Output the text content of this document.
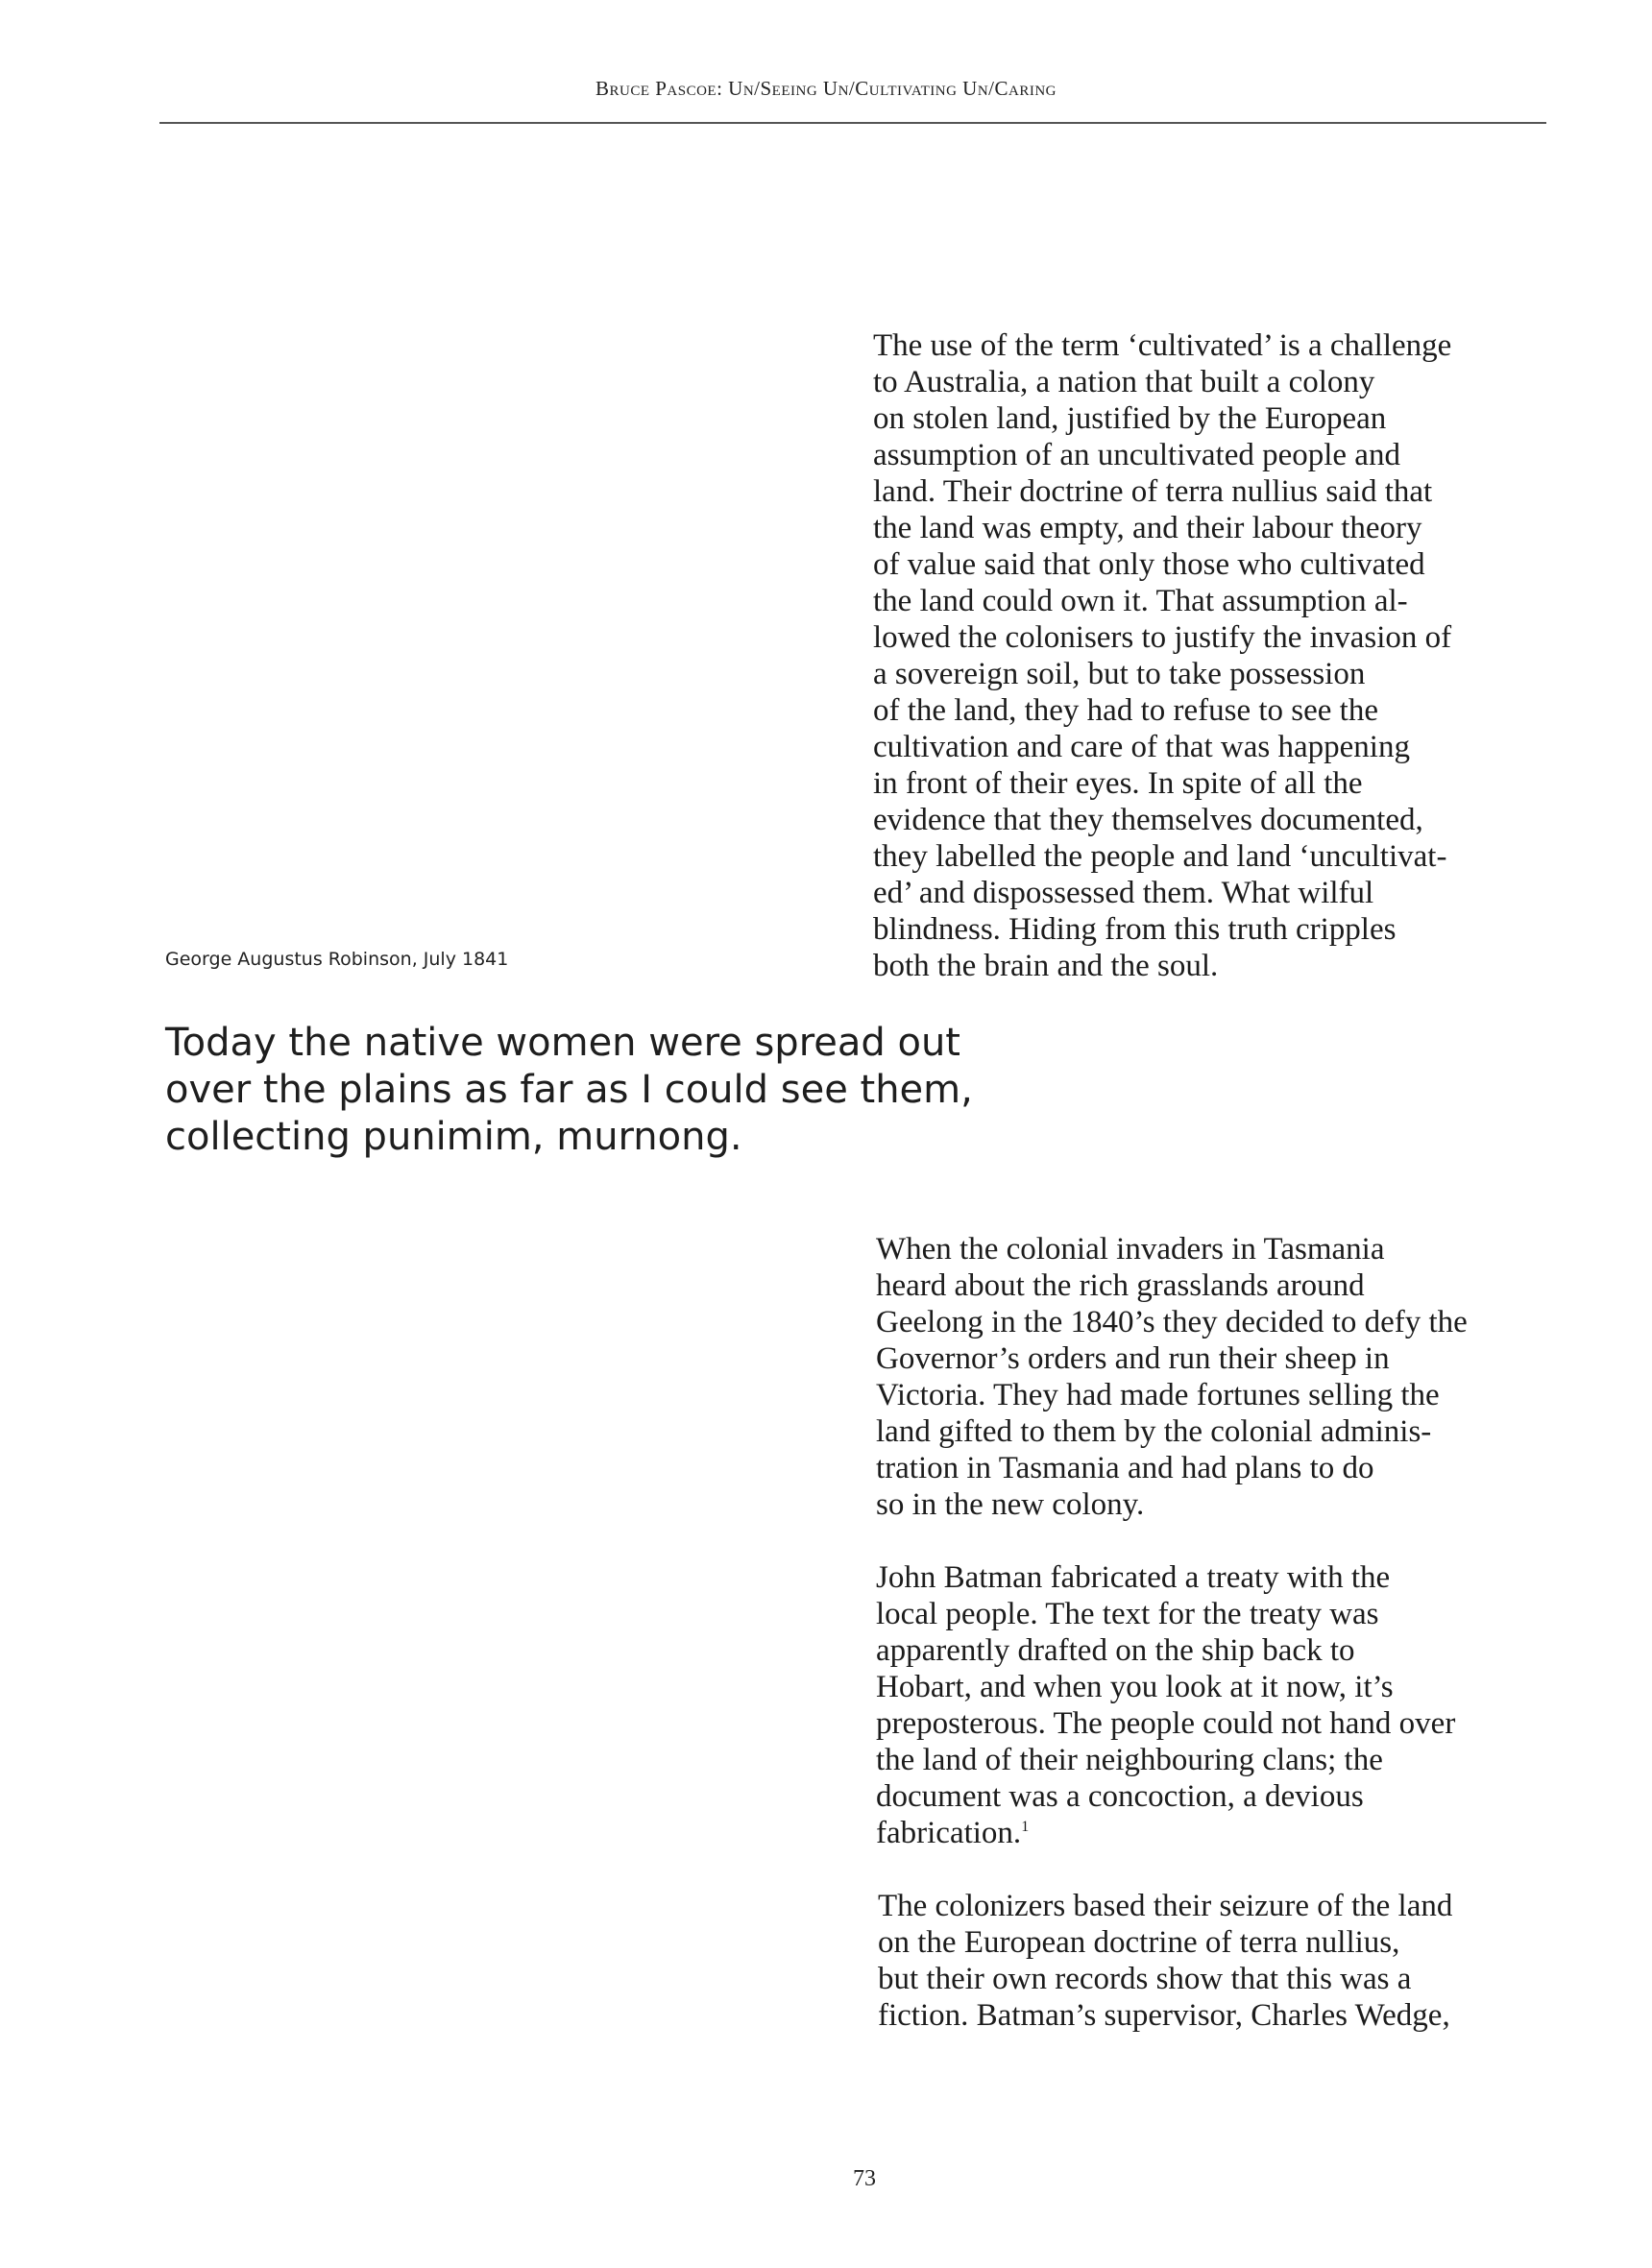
Bruce Pascoe: Un/Seeing Un/Cultivating Un/Caring
The use of the term ‘cultivated’ is a challenge
to Australia, a nation that built a colony
on stolen land, justified by the European
assumption of an uncultivated people and
land. Their doctrine of terra nullius said that
the land was empty, and their labour theory
of value said that only those who cultivated
the land could own it. That assumption al-
lowed the colonisers to justify the invasion of
a sovereign soil, but to take possession
of the land, they had to refuse to see the
cultivation and care of that was happening
in front of their eyes. In spite of all the
evidence that they themselves documented,
they labelled the people and land ‘uncultivat-
ed’ and dispossessed them. What wilful
blindness. Hiding from this truth cripples
both the brain and the soul.
George Augustus Robinson, July 1841
Today the native women were spread out
over the plains as far as I could see them,
collecting punimim, murnong.
When the colonial invaders in Tasmania
heard about the rich grasslands around
Geelong in the 1840’s they decided to defy the
Governor’s orders and run their sheep in
Victoria. They had made fortunes selling the
land gifted to them by the colonial adminis-
tration in Tasmania and had plans to do
so in the new colony.
John Batman fabricated a treaty with the
local people. The text for the treaty was
apparently drafted on the ship back to
Hobart, and when you look at it now, it’s
preposterous. The people could not hand over
the land of their neighbouring clans; the
document was a concoction, a devious
fabrication.$^1$
The colonizers based their seizure of the land
on the European doctrine of terra nullius,
but their own records show that this was a
fiction. Batman’s supervisor, Charles Wedge,
73
